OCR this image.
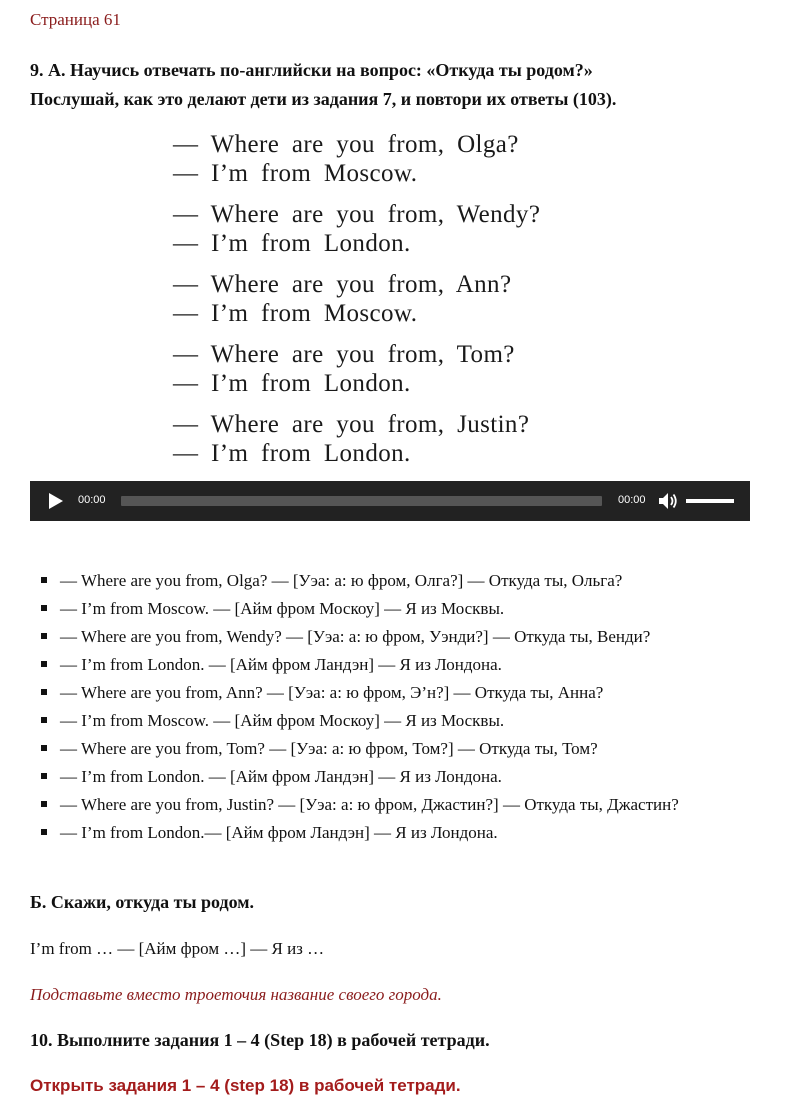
Страница 61
9. А. Научись отвечать по-английски на вопрос: «Откуда ты родом?»
Послушай, как это делают дети из задания 7, и повтори их ответы (103).
— Where are you from, Olga?
— I’m from Moscow.
— Where are you from, Wendy?
— I’m from London.
— Where are you from, Ann?
— I’m from Moscow.
— Where are you from, Tom?
— I’m from London.
— Where are you from, Justin?
— I’m from London.
00:00	00:00
— Where are you from, Olga? — [Уэа: а: ю фром, Олга?] — Откуда ты, Ольга?
— I’m from Moscow. — [Айм фром Москоу] — Я из Москвы.
— Where are you from, Wendy? — [Уэа: а: ю фром, Уэнди?] — Откуда ты, Венди?
— I’m from London. — [Айм фром Ландэн] — Я из Лондона.
— Where are you from, Ann? — [Уэа: а: ю фром, Э’н?] — Откуда ты, Анна?
— I’m from Moscow. — [Айм фром Москоу] — Я из Москвы.
— Where are you from, Tom? — [Уэа: а: ю фром, Том?] — Откуда ты, Том?
— I’m from London. — [Айм фром Ландэн] — Я из Лондона.
— Where are you from, Justin? — [Уэа: а: ю фром, Джастин?] — Откуда ты, Джастин?
— I’m from London.— [Айм фром Ландэн] — Я из Лондона.
Б. Скажи, откуда ты родом.
I’m from … — [Айм фром …] — Я из …
Подставьте вместо троеточия название своего города.
10. Выполните задания 1 – 4 (Step 18) в рабочей тетради.
Открыть задания 1 – 4 (step 18) в рабочей тетради.
